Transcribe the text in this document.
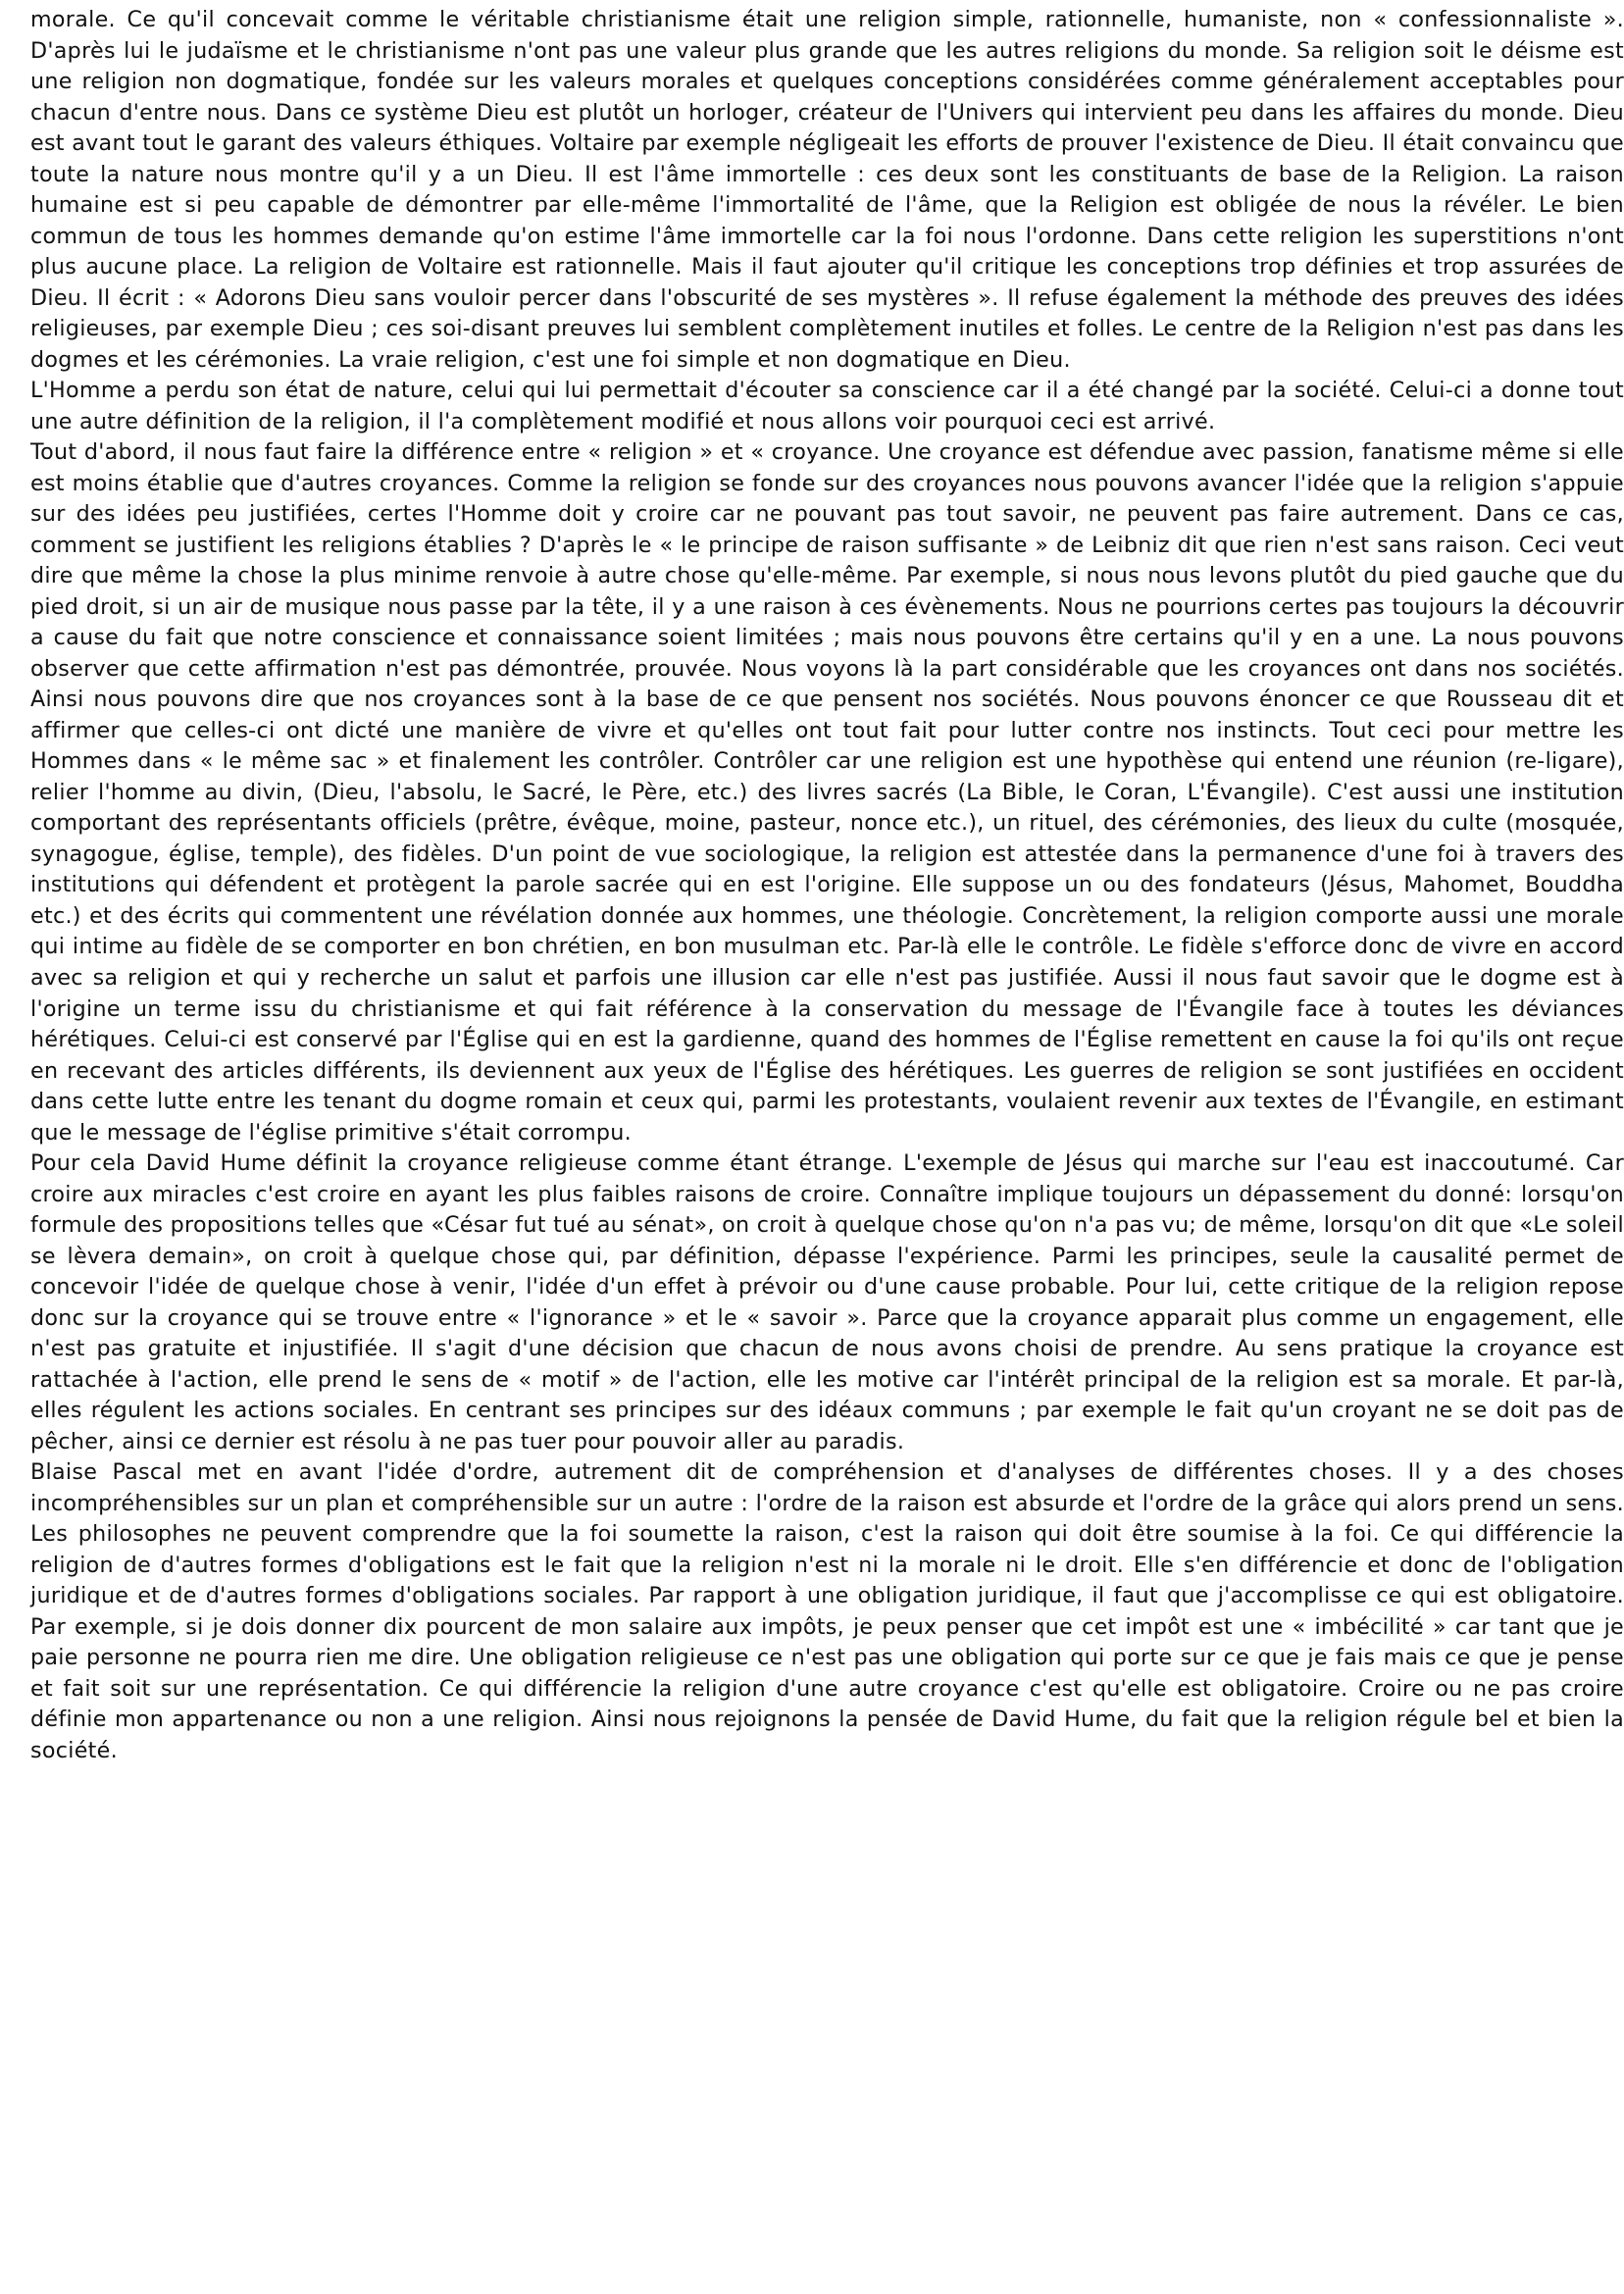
morale. Ce qu'il concevait comme le véritable christianisme était une religion simple, rationnelle, humaniste, non « confessionnaliste ». D'après lui le judaïsme et le christianisme n'ont pas une valeur plus grande que les autres religions du monde. Sa religion soit le déisme est une religion non dogmatique, fondée sur les valeurs morales et quelques conceptions considérées comme généralement acceptables pour chacun d'entre nous. Dans ce système Dieu est plutôt un horloger, créateur de l'Univers qui intervient peu dans les affaires du monde. Dieu est avant tout le garant des valeurs éthiques. Voltaire par exemple négligeait les efforts de prouver l'existence de Dieu. Il était convaincu que toute la nature nous montre qu'il y a un Dieu. Il est l'âme immortelle : ces deux sont les constituants de base de la Religion. La raison humaine est si peu capable de démontrer par elle-même l'immortalité de l'âme, que la Religion est obligée de nous la révéler. Le bien commun de tous les hommes demande qu'on estime l'âme immortelle car la foi nous l'ordonne. Dans cette religion les superstitions n'ont plus aucune place. La religion de Voltaire est rationnelle. Mais il faut ajouter qu'il critique les conceptions trop définies et trop assurées de Dieu. Il écrit : « Adorons Dieu sans vouloir percer dans l'obscurité de ses mystères ». Il refuse également la méthode des preuves des idées religieuses, par exemple Dieu ; ces soi-disant preuves lui semblent complètement inutiles et folles. Le centre de la Religion n'est pas dans les dogmes et les cérémonies. La vraie religion, c'est une foi simple et non dogmatique en Dieu.

L'Homme a perdu son état de nature, celui qui lui permettait d'écouter sa conscience car il a été changé par la société. Celui-ci a donne tout une autre définition de la religion, il l'a complètement modifié et nous allons voir pourquoi ceci est arrivé.

Tout d'abord, il nous faut faire la différence entre « religion » et « croyance. Une croyance est défendue avec passion, fanatisme même si elle est moins établie que d'autres croyances. Comme la religion se fonde sur des croyances nous pouvons avancer l'idée que la religion s'appuie sur des idées peu justifiées, certes l'Homme doit y croire car ne pouvant pas tout savoir, ne peuvent pas faire autrement. Dans ce cas, comment se justifient les religions établies ? D'après le « le principe de raison suffisante » de Leibniz dit que rien n'est sans raison. Ceci veut dire que même la chose la plus minime renvoie à autre chose qu'elle-même. Par exemple, si nous nous levons plutôt du pied gauche que du pied droit, si un air de musique nous passe par la tête, il y a une raison à ces évènements. Nous ne pourrions certes pas toujours la découvrir a cause du fait que notre conscience et connaissance soient limitées ; mais nous pouvons être certains qu'il y en a une. La nous pouvons observer que cette affirmation n'est pas démontrée, prouvée. Nous voyons là la part considérable que les croyances ont dans nos sociétés. Ainsi nous pouvons dire que nos croyances sont à la base de ce que pensent nos sociétés. Nous pouvons énoncer ce que Rousseau dit et affirmer que celles-ci ont dicté une manière de vivre et qu'elles ont tout fait pour lutter contre nos instincts. Tout ceci pour mettre les Hommes dans « le même sac » et finalement les contrôler. Contrôler car une religion est une hypothèse qui entend une réunion (re-ligare), relier l'homme au divin, (Dieu, l'absolu, le Sacré, le Père, etc.) des livres sacrés (La Bible, le Coran, L'Évangile). C'est aussi une institution comportant des représentants officiels (prêtre, évêque, moine, pasteur, nonce etc.), un rituel, des cérémonies, des lieux du culte (mosquée, synagogue, église, temple), des fidèles. D'un point de vue sociologique, la religion est attestée dans la permanence d'une foi à travers des institutions qui défendent et protègent la parole sacrée qui en est l'origine. Elle suppose un ou des fondateurs (Jésus, Mahomet, Bouddha etc.) et des écrits qui commentent une révélation donnée aux hommes, une théologie. Concrètement, la religion comporte aussi une morale qui intime au fidèle de se comporter en bon chrétien, en bon musulman etc. Par-là elle le contrôle. Le fidèle s'efforce donc de vivre en accord avec sa religion et qui y recherche un salut et parfois une illusion car elle n'est pas justifiée. Aussi il nous faut savoir que le dogme est à l'origine un terme issu du christianisme et qui fait référence à la conservation du message de l'Évangile face à toutes les déviances hérétiques. Celui-ci est conservé par l'Église qui en est la gardienne, quand des hommes de l'Église remettent en cause la foi qu'ils ont reçue en recevant des articles différents, ils deviennent aux yeux de l'Église des hérétiques. Les guerres de religion se sont justifiées en occident dans cette lutte entre les tenant du dogme romain et ceux qui, parmi les protestants, voulaient revenir aux textes de l'Évangile, en estimant que le message de l'église primitive s'était corrompu.

Pour cela David Hume définit la croyance religieuse comme étant étrange. L'exemple de Jésus qui marche sur l'eau est inaccoutumé. Car croire aux miracles c'est croire en ayant les plus faibles raisons de croire. Connaître implique toujours un dépassement du donné: lorsqu'on formule des propositions telles que «César fut tué au sénat», on croit à quelque chose qu'on n'a pas vu; de même, lorsqu'on dit que «Le soleil se lèvera demain», on croit à quelque chose qui, par définition, dépasse l'expérience. Parmi les principes, seule la causalité permet de concevoir l'idée de quelque chose à venir, l'idée d'un effet à prévoir ou d'une cause probable. Pour lui, cette critique de la religion repose donc sur la croyance qui se trouve entre « l'ignorance » et le « savoir ». Parce que la croyance apparait plus comme un engagement, elle n'est pas gratuite et injustifiée. Il s'agit d'une décision que chacun de nous avons choisi de prendre. Au sens pratique la croyance est rattachée à l'action, elle prend le sens de « motif » de l'action, elle les motive car l'intérêt principal de la religion est sa morale. Et par-là, elles régulent les actions sociales. En centrant ses principes sur des idéaux communs ; par exemple le fait qu'un croyant ne se doit pas de pêcher, ainsi ce dernier est résolu à ne pas tuer pour pouvoir aller au paradis.

Blaise Pascal met en avant l'idée d'ordre, autrement dit de compréhension et d'analyses de différentes choses. Il y a des choses incompréhensibles sur un plan et compréhensible sur un autre : l'ordre de la raison est absurde et l'ordre de la grâce qui alors prend un sens. Les philosophes ne peuvent comprendre que la foi soumette la raison, c'est la raison qui doit être soumise à la foi. Ce qui différencie la religion de d'autres formes d'obligations est le fait que la religion n'est ni la morale ni le droit. Elle s'en différencie et donc de l'obligation juridique et de d'autres formes d'obligations sociales. Par rapport à une obligation juridique, il faut que j'accomplisse ce qui est obligatoire. Par exemple, si je dois donner dix pourcent de mon salaire aux impôts, je peux penser que cet impôt est une « imbécilité » car tant que je paie personne ne pourra rien me dire. Une obligation religieuse ce n'est pas une obligation qui porte sur ce que je fais mais ce que je pense et fait soit sur une représentation. Ce qui différencie la religion d'une autre croyance c'est qu'elle est obligatoire. Croire ou ne pas croire définie mon appartenance ou non a une religion. Ainsi nous rejoignons la pensée de David Hume, du fait que la religion régule bel et bien la société.
